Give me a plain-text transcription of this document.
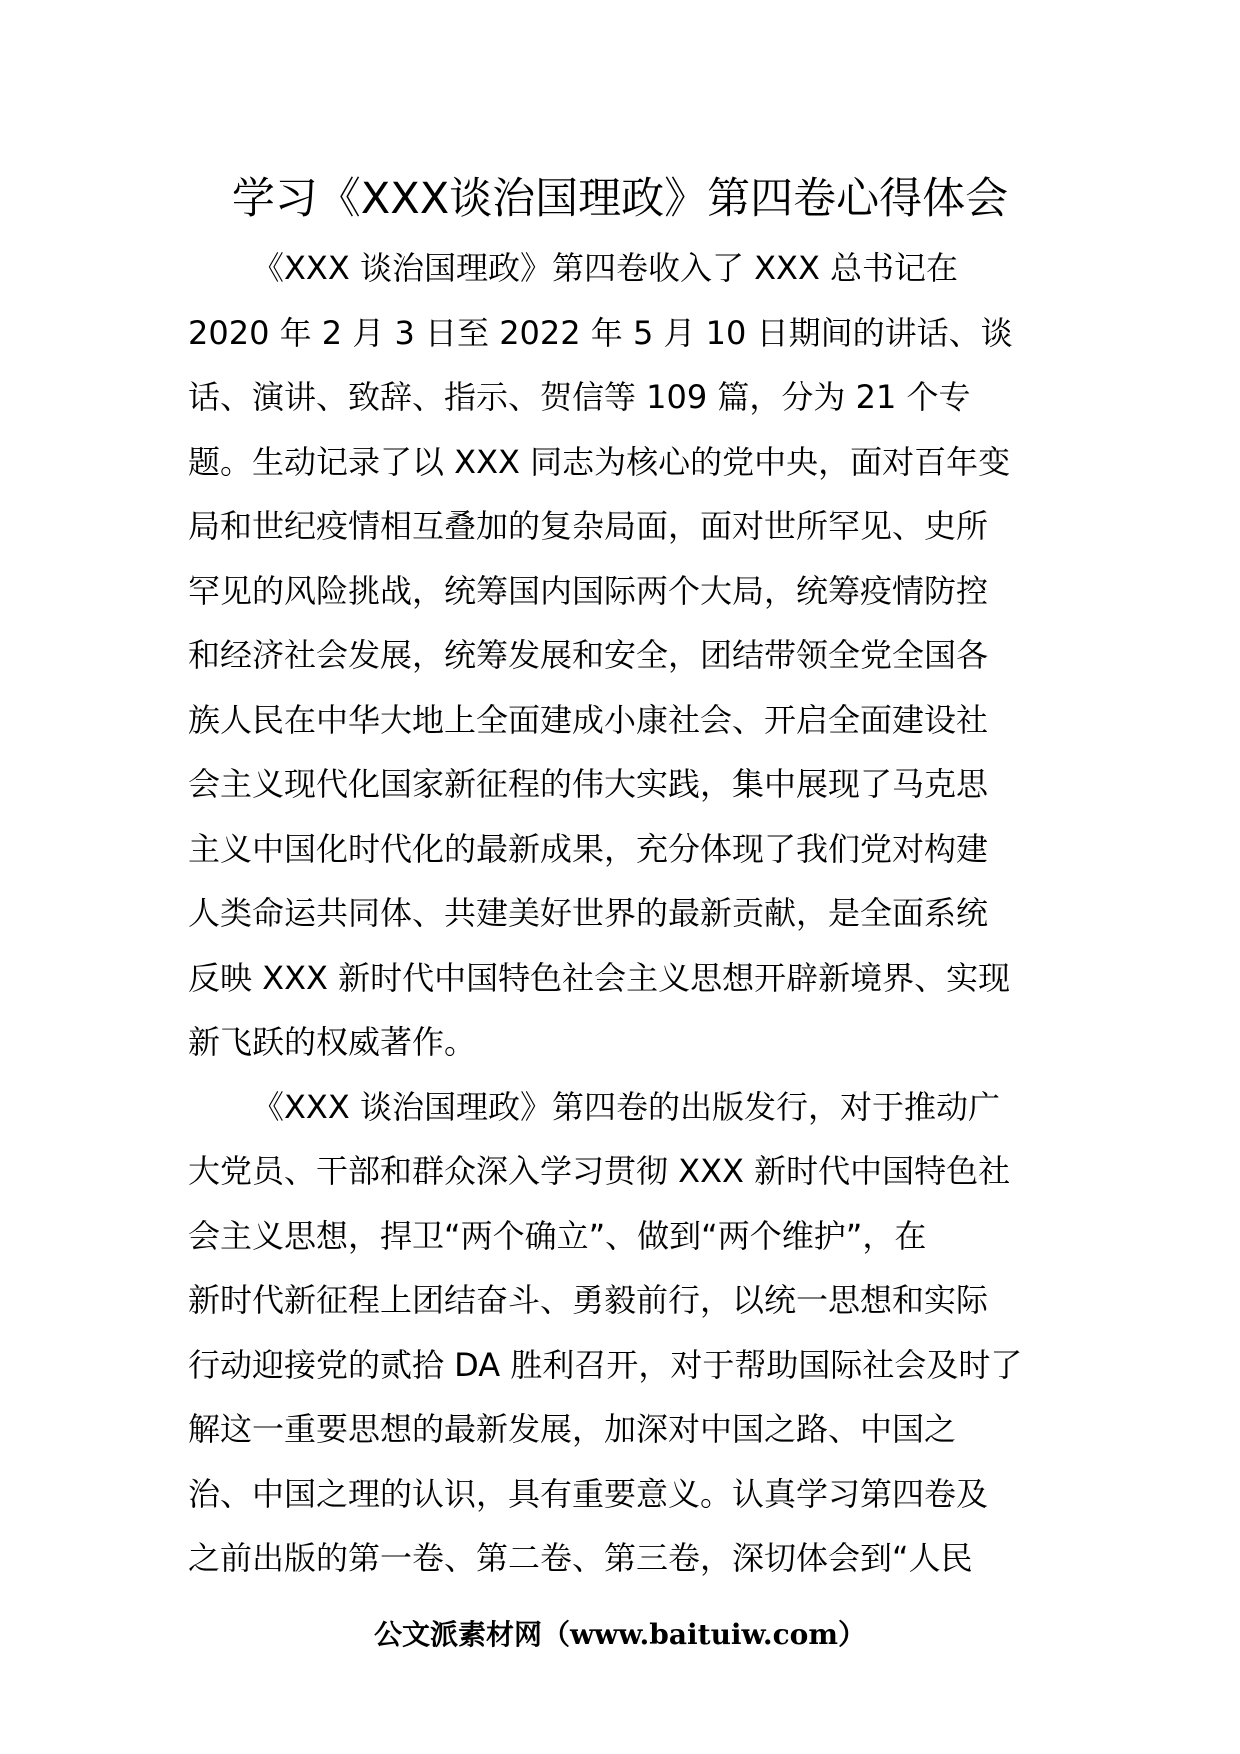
学习《XXX谈治国理政》第四卷心得体会

《XXX 谈治国理政》第四卷收入了 XXX 总书记在
2020 年 2 月 3 日至 2022 年 5 月 10 日期间的讲话、谈
话、演讲、致辞、指示、贺信等 109 篇，分为 21 个专
题。生动记录了以 XXX 同志为核心的党中央，面对百年变
局和世纪疫情相互叠加的复杂局面，面对世所罕见、史所
罕见的风险挑战，统筹国内国际两个大局，统筹疫情防控
和经济社会发展，统筹发展和安全，团结带领全党全国各
族人民在中华大地上全面建成小康社会、开启全面建设社
会主义现代化国家新征程的伟大实践，集中展现了马克思
主义中国化时代化的最新成果，充分体现了我们党对构建
人类命运共同体、共建美好世界的最新贡献，是全面系统
反映 XXX 新时代中国特色社会主义思想开辟新境界、实现
新飞跃的权威著作。

《XXX 谈治国理政》第四卷的出版发行，对于推动广
大党员、干部和群众深入学习贯彻 XXX 新时代中国特色社
会主义思想，捍卫“两个确立”、做到“两个维护”，在
新时代新征程上团结奋斗、勇毅前行，以统一思想和实际
行动迎接党的贰拾 DA 胜利召开，对于帮助国际社会及时了
解这一重要思想的最新发展，加深对中国之路、中国之
治、中国之理的认识，具有重要意义。认真学习第四卷及
之前出版的第一卷、第二卷、第三卷，深切体会到“人民

公文派素材网（www.baituiw.com）
